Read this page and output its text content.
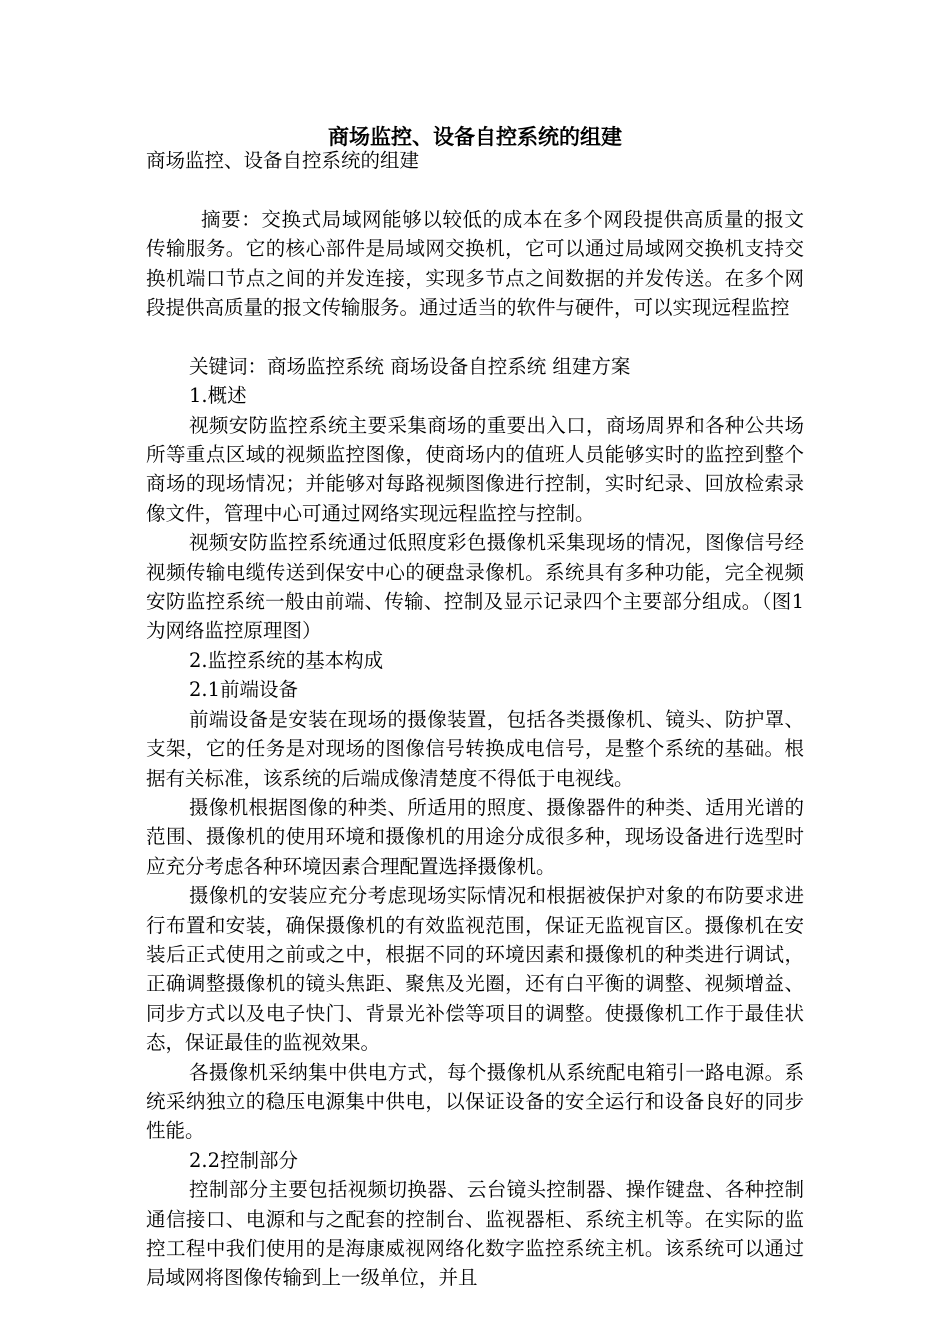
商场监控、设备自控系统的组建

商场监控、设备自控系统的组建

摘要：交换式局域网能够以较低的成本在多个网段提供高质量的报文传输服务。它的核心部件是局域网交换机，它可以通过局域网交换机支持交换机端口节点之间的并发连接，实现多节点之间数据的并发传送。在多个网段提供高质量的报文传输服务。通过适当的软件与硬件，可以实现远程监控

关键词：商场监控系统 商场设备自控系统 组建方案

1.概述

视频安防监控系统主要采集商场的重要出入口，商场周界和各种公共场所等重点区域的视频监控图像，使商场内的值班人员能够实时的监控到整个商场的现场情况；并能够对每路视频图像进行控制，实时纪录、回放检索录像文件，管理中心可通过网络实现远程监控与控制。

视频安防监控系统通过低照度彩色摄像机采集现场的情况，图像信号经视频传输电缆传送到保安中心的硬盘录像机。系统具有多种功能，完全视频安防监控系统一般由前端、传输、控制及显示记录四个主要部分组成。（图1为网络监控原理图）

2.监控系统的基本构成

2.1前端设备

前端设备是安装在现场的摄像装置，包括各类摄像机、镜头、防护罩、支架，它的任务是对现场的图像信号转换成电信号，是整个系统的基础。根据有关标准，该系统的后端成像清楚度不得低于电视线。

摄像机根据图像的种类、所适用的照度、摄像器件的种类、适用光谱的范围、摄像机的使用环境和摄像机的用途分成很多种，现场设备进行选型时应充分考虑各种环境因素合理配置选择摄像机。

摄像机的安装应充分考虑现场实际情况和根据被保护对象的布防要求进行布置和安装，确保摄像机的有效监视范围，保证无监视盲区。摄像机在安装后正式使用之前或之中，根据不同的环境因素和摄像机的种类进行调试，正确调整摄像机的镜头焦距、聚焦及光圈，还有白平衡的调整、视频增益、同步方式以及电子快门、背景光补偿等项目的调整。使摄像机工作于最佳状态，保证最佳的监视效果。

各摄像机采纳集中供电方式，每个摄像机从系统配电箱引一路电源。系统采纳独立的稳压电源集中供电，以保证设备的安全运行和设备良好的同步性能。

2.2控制部分

控制部分主要包括视频切换器、云台镜头控制器、操作键盘、各种控制通信接口、电源和与之配套的控制台、监视器柜、系统主机等。在实际的监控工程中我们使用的是海康威视网络化数字监控系统主机。该系统可以通过局域网将图像传输到上一级单位，并且
